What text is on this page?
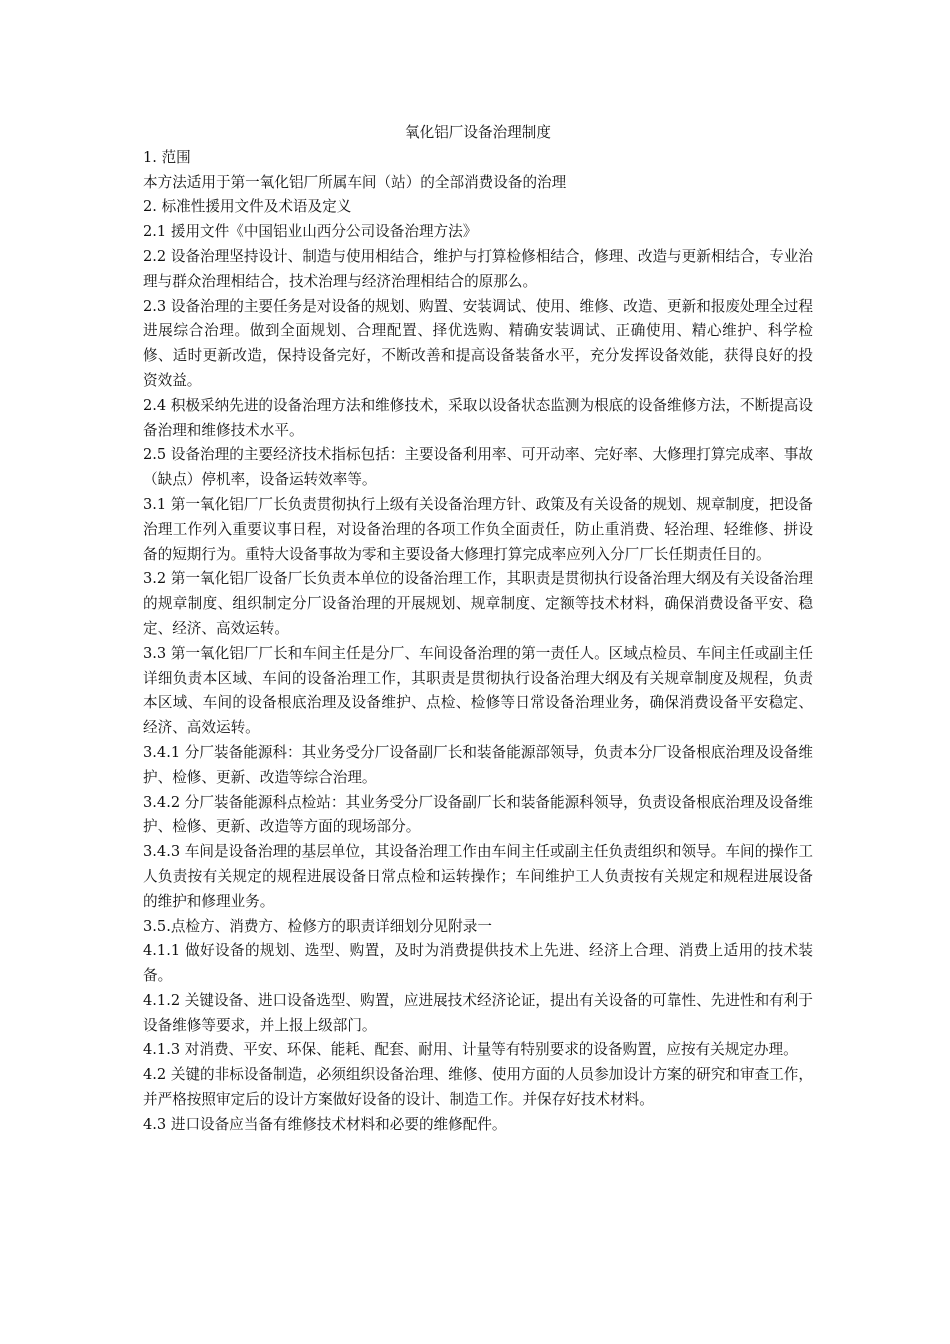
氧化铝厂设备治理制度

1. 范围

本方法适用于第一氧化铝厂所属车间（站）的全部消费设备的治理

2. 标准性援用文件及术语及定义

2.1 援用文件《中国铝业山西分公司设备治理方法》

2.2 设备治理坚持设计、制造与使用相结合，维护与打算检修相结合，修理、改造与更新相结合，专业治理与群众治理相结合，技术治理与经济治理相结合的原那么。

2.3 设备治理的主要任务是对设备的规划、购置、安装调试、使用、维修、改造、更新和报废处理全过程进展综合治理。做到全面规划、合理配置、择优选购、精确安装调试、正确使用、精心维护、科学检修、适时更新改造，保持设备完好，不断改善和提高设备装备水平，充分发挥设备效能，获得良好的投资效益。

2.4 积极采纳先进的设备治理方法和维修技术，采取以设备状态监测为根底的设备维修方法，不断提高设备治理和维修技术水平。

2.5 设备治理的主要经济技术指标包括：主要设备利用率、可开动率、完好率、大修理打算完成率、事故（缺点）停机率，设备运转效率等。

3.1 第一氧化铝厂厂长负责贯彻执行上级有关设备治理方针、政策及有关设备的规划、规章制度，把设备治理工作列入重要议事日程，对设备治理的各项工作负全面责任，防止重消费、轻治理、轻维修、拼设备的短期行为。重特大设备事故为零和主要设备大修理打算完成率应列入分厂厂长任期责任目的。

3.2 第一氧化铝厂设备厂长负责本单位的设备治理工作，其职责是贯彻执行设备治理大纲及有关设备治理的规章制度、组织制定分厂设备治理的开展规划、规章制度、定额等技术材料，确保消费设备平安、稳定、经济、高效运转。

3.3 第一氧化铝厂厂长和车间主任是分厂、车间设备治理的第一责任人。区域点检员、车间主任或副主任详细负责本区域、车间的设备治理工作，其职责是贯彻执行设备治理大纲及有关规章制度及规程，负责本区域、车间的设备根底治理及设备维护、点检、检修等日常设备治理业务，确保消费设备平安稳定、经济、高效运转。

3.4.1 分厂装备能源科：其业务受分厂设备副厂长和装备能源部领导，负责本分厂设备根底治理及设备维护、检修、更新、改造等综合治理。

3.4.2 分厂装备能源科点检站：其业务受分厂设备副厂长和装备能源科领导，负责设备根底治理及设备维护、检修、更新、改造等方面的现场部分。

3.4.3 车间是设备治理的基层单位，其设备治理工作由车间主任或副主任负责组织和领导。车间的操作工人负责按有关规定的规程进展设备日常点检和运转操作；车间维护工人负责按有关规定和规程进展设备的维护和修理业务。

3.5.点检方、消费方、检修方的职责详细划分见附录一

4.1.1 做好设备的规划、选型、购置，及时为消费提供技术上先进、经济上合理、消费上适用的技术装备。

4.1.2 关键设备、进口设备选型、购置，应进展技术经济论证，提出有关设备的可靠性、先进性和有利于设备维修等要求，并上报上级部门。

4.1.3 对消费、平安、环保、能耗、配套、耐用、计量等有特别要求的设备购置，应按有关规定办理。

4.2 关键的非标设备制造，必须组织设备治理、维修、使用方面的人员参加设计方案的研究和审查工作，并严格按照审定后的设计方案做好设备的设计、制造工作。并保存好技术材料。

4.3 进口设备应当备有维修技术材料和必要的维修配件。
